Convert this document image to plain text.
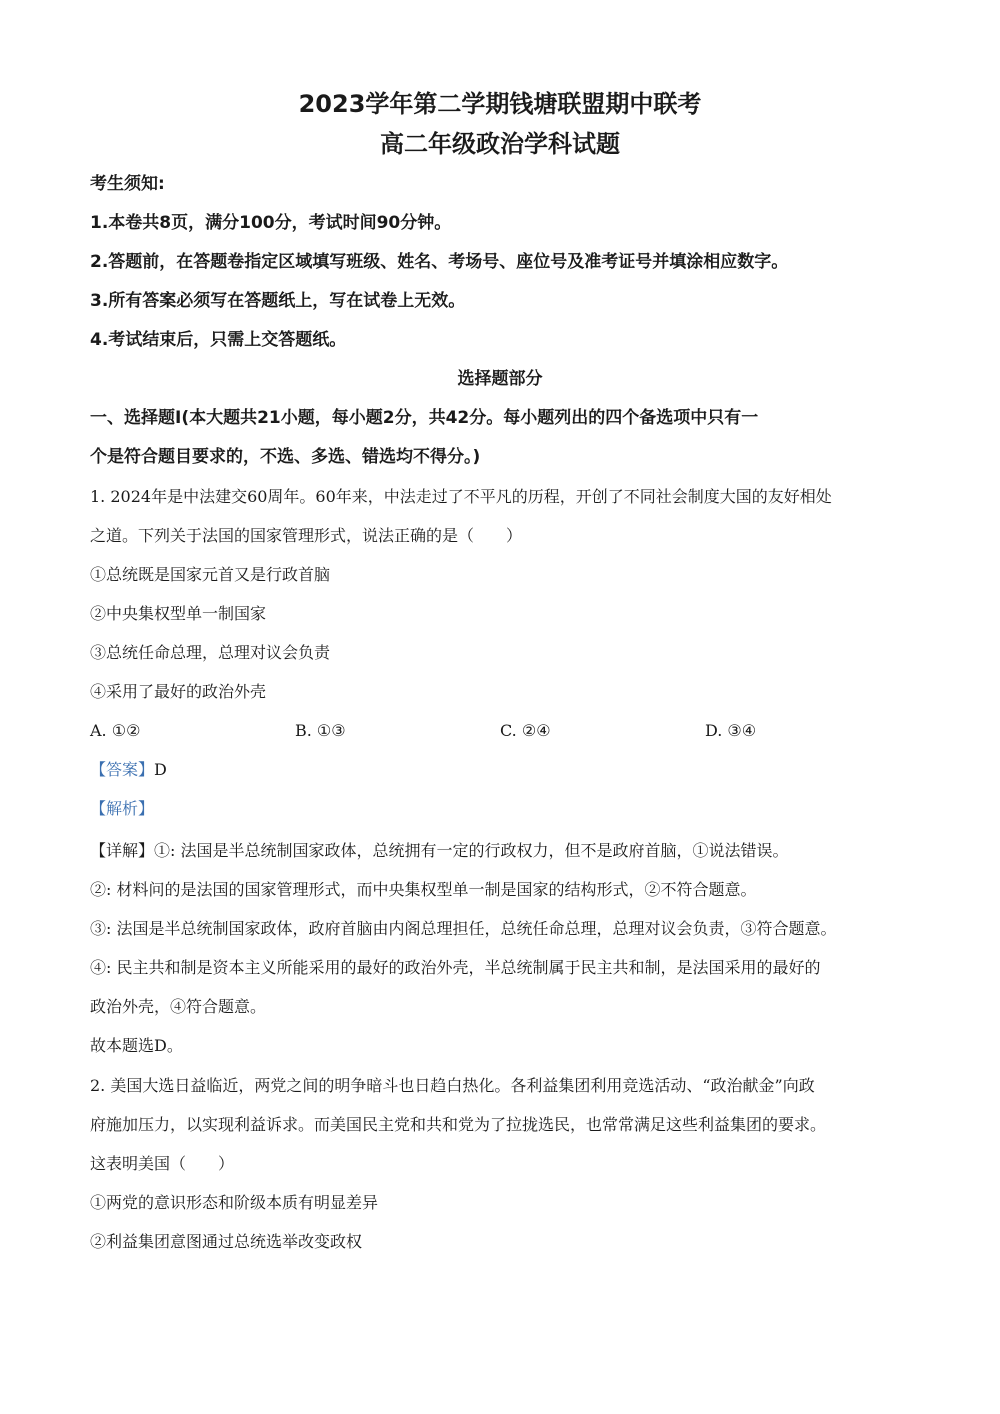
2023学年第二学期钱塘联盟期中联考
高二年级政治学科试题
考生须知:
1.本卷共8页，满分100分，考试时间90分钟。
2.答题前，在答题卷指定区域填写班级、姓名、考场号、座位号及准考证号并填涂相应数字。
3.所有答案必须写在答题纸上，写在试卷上无效。
4.考试结束后，只需上交答题纸。
选择题部分
一、选择题I(本大题共21小题，每小题2分，共42分。每小题列出的四个备选项中只有一
个是符合题目要求的，不选、多选、错选均不得分。)
1. 2024年是中法建交60周年。60年来，中法走过了不平凡的历程，开创了不同社会制度大国的友好相处
之道。下列关于法国的国家管理形式，说法正确的是（　　）
①总统既是国家元首又是行政首脑
②中央集权型单一制国家
③总统任命总理，总理对议会负责
④采用了最好的政治外壳
A. ①②	B. ①③	C. ②④	D. ③④
【答案】D
【解析】
【详解】①: 法国是半总统制国家政体，总统拥有一定的行政权力，但不是政府首脑，①说法错误。
②: 材料问的是法国的国家管理形式，而中央集权型单一制是国家的结构形式，②不符合题意。
③: 法国是半总统制国家政体，政府首脑由内阁总理担任，总统任命总理，总理对议会负责，③符合题意。
④: 民主共和制是资本主义所能采用的最好的政治外壳，半总统制属于民主共和制，是法国采用的最好的
政治外壳，④符合题意。
故本题选D。
2. 美国大选日益临近，两党之间的明争暗斗也日趋白热化。各利益集团利用竞选活动、“政治献金”向政
府施加压力，以实现利益诉求。而美国民主党和共和党为了拉拢选民，也常常满足这些利益集团的要求。
这表明美国（　　）
①两党的意识形态和阶级本质有明显差异
②利益集团意图通过总统选举改变政权
